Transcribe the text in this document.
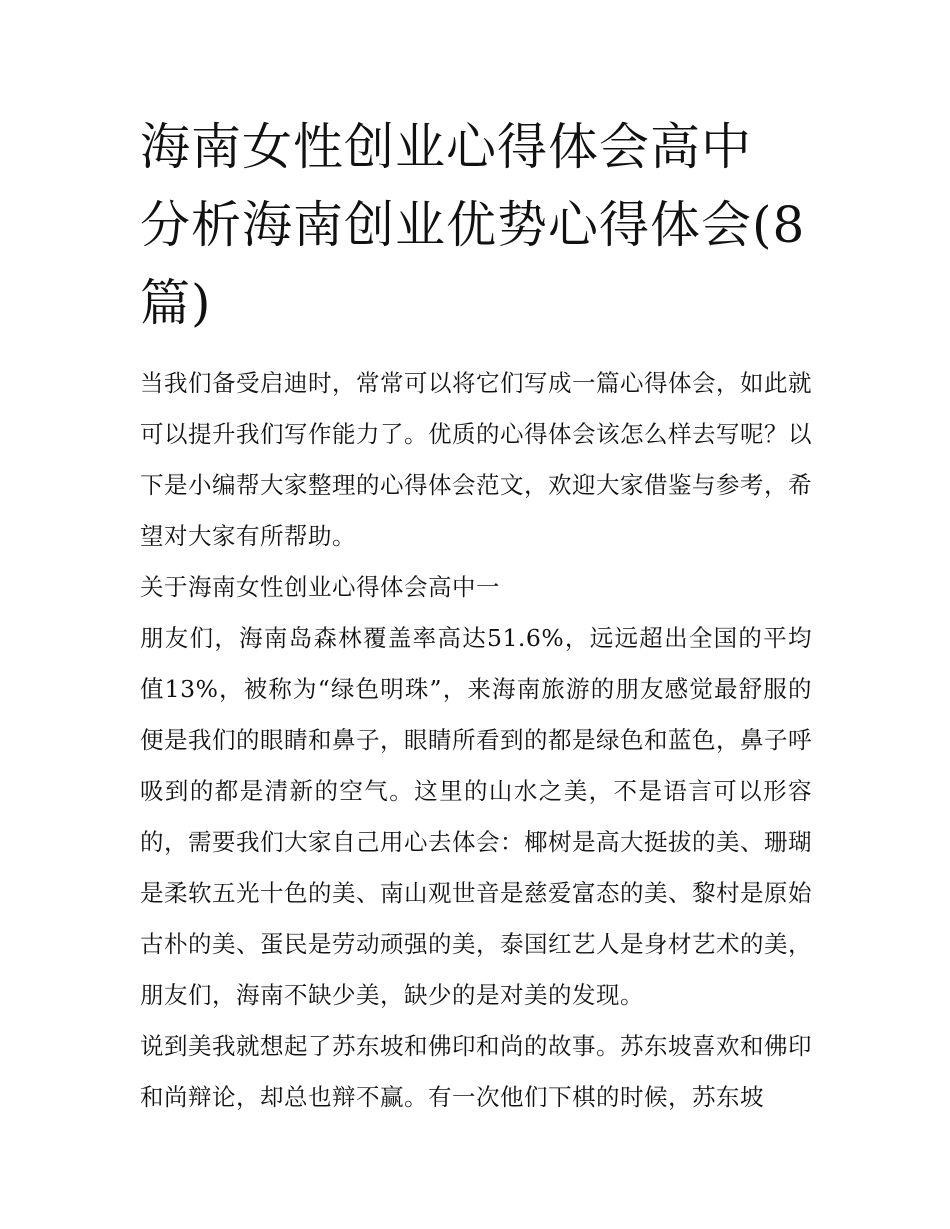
海南女性创业心得体会高中 分析海南创业优势心得体会(8篇)

当我们备受启迪时，常常可以将它们写成一篇心得体会，如此就可以提升我们写作能力了。优质的心得体会该怎么样去写呢？以下是小编帮大家整理的心得体会范文，欢迎大家借鉴与参考，希望对大家有所帮助。

关于海南女性创业心得体会高中一

朋友们，海南岛森林覆盖率高达51.6%，远远超出全国的平均值13%，被称为“绿色明珠”，来海南旅游的朋友感觉最舒服的便是我们的眼睛和鼻子，眼睛所看到的都是绿色和蓝色，鼻子呼吸到的都是清新的空气。这里的山水之美，不是语言可以形容的，需要我们大家自己用心去体会：椰树是高大挺拔的美、珊瑚是柔软五光十色的美、南山观世音是慈爱富态的美、黎村是原始古朴的美、蛋民是劳动顽强的美，泰国红艺人是身材艺术的美，朋友们，海南不缺少美，缺少的是对美的发现。

说到美我就想起了苏东坡和佛印和尚的故事。苏东坡喜欢和佛印和尚辩论，却总也辩不赢。有一次他们下棋的时候，苏东坡
